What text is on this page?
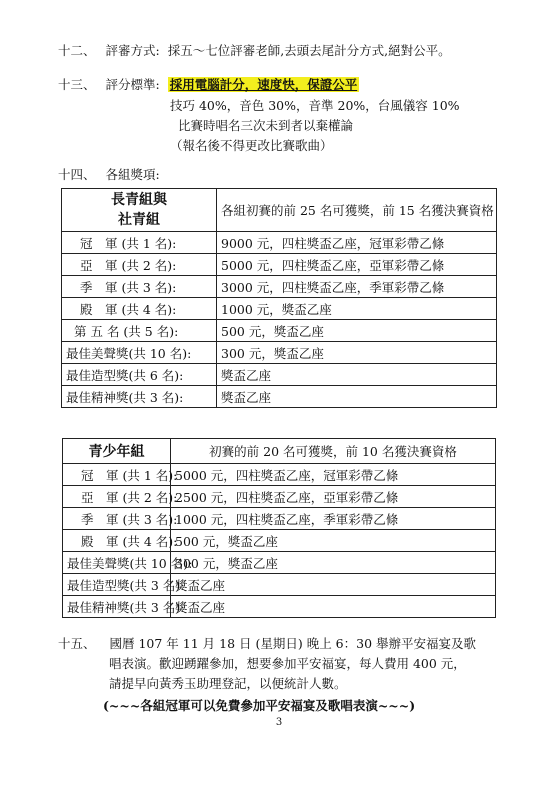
十二、 評審方式: 採五～七位評審老師,去頭去尾計分方式,絕對公平。
十三、 評分標準: 採用電腦計分，速度快，保證公平
技巧 40%，音色 30%，音準 20%，台風儀容 10%
比賽時唱名三次未到者以棄權論
（報名後不得更改比賽歌曲）
十四、 各組獎項:
長青組與
社青組	各組初賽的前 25 名可獲獎，前 15 名獲決賽資格
冠　軍 (共 1 名):	9000 元，四柱獎盃乙座，冠軍彩帶乙條
亞　軍 (共 2 名):	5000 元，四柱獎盃乙座，亞軍彩帶乙條
季　軍 (共 3 名):	3000 元，四柱獎盃乙座，季軍彩帶乙條
殿　軍 (共 4 名):	1000 元，獎盃乙座
第 五 名 (共 5 名):	500 元，獎盃乙座
最佳美聲獎(共 10 名):	300 元，獎盃乙座
最佳造型獎(共 6 名):	獎盃乙座
最佳精神獎(共 3 名):	獎盃乙座
青少年組	初賽的前 20 名可獲獎，前 10 名獲決賽資格
冠　軍 (共 1 名):	5000 元，四柱獎盃乙座，冠軍彩帶乙條
亞　軍 (共 2 名):	2500 元，四柱獎盃乙座，亞軍彩帶乙條
季　軍 (共 3 名):	1000 元，四柱獎盃乙座，季軍彩帶乙條
殿　軍 (共 4 名):	500 元，獎盃乙座
最佳美聲獎(共 10 名):	300 元，獎盃乙座
最佳造型獎(共 3 名):	獎盃乙座
最佳精神獎(共 3 名):	獎盃乙座
十五、 國曆 107 年 11 月 18 日 (星期日) 晚上 6：30 舉辦平安福宴及歌
唱表演。歡迎踴躍參加，想要參加平安福宴，每人費用 400 元，
請提早向黃秀玉助理登記，以便統計人數。
(~~~各組冠軍可以免費參加平安福宴及歌唱表演~~~)
3
